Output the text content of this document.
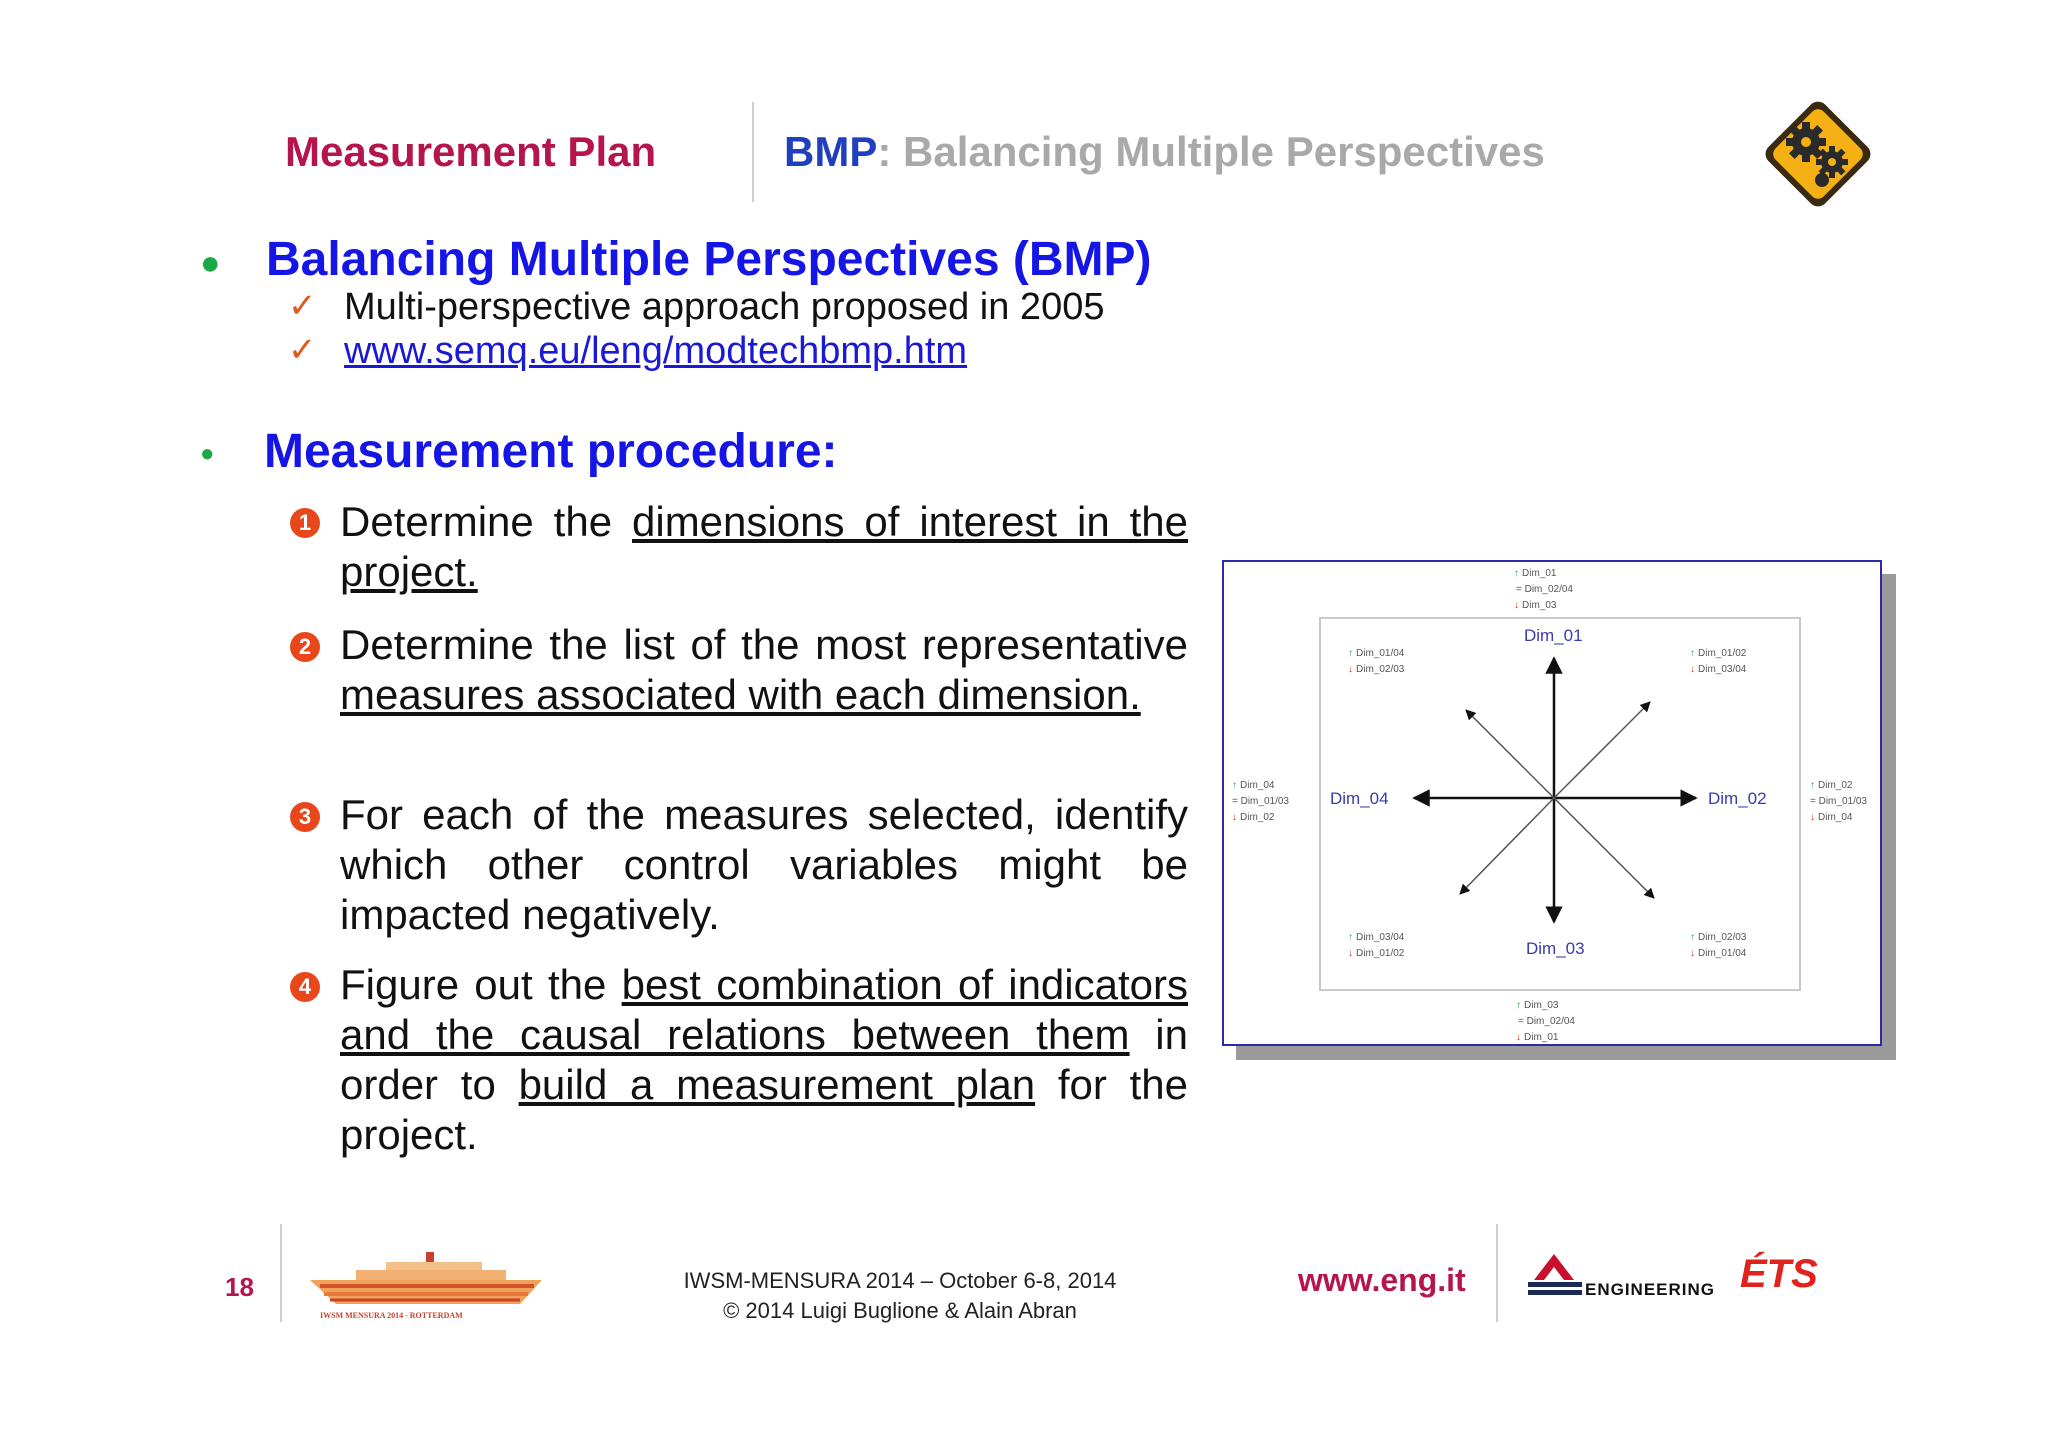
Measurement Plan	BMP: Balancing Multiple Perspectives
● Balancing Multiple Perspectives (BMP)
✓ Multi-perspective approach proposed in 2005
✓ www.semq.eu/leng/modtechbmp.htm
● Measurement procedure:
1 Determine the dimensions of interest in the project.
2 Determine the list of the most representative measures associated with each dimension.
3 For each of the measures selected, identify which other control variables might be impacted negatively.
4 Figure out the best combination of indicators and the causal relations between them in order to build a measurement plan for the project.
Dim_01
Dim_02
Dim_03
Dim_04
↑ Dim_01
= Dim_02/04
↓ Dim_03
↑ Dim_02
= Dim_01/03
↓ Dim_04
↑ Dim_03
= Dim_02/04
↓ Dim_01
↑ Dim_04
= Dim_01/03
↓ Dim_02
↑ Dim_01/04
↓ Dim_02/03
↑ Dim_01/02
↓ Dim_03/04
↑ Dim_03/04
↓ Dim_01/02
↑ Dim_02/03
↓ Dim_01/04
18
IWSM MENSURA 2014 - ROTTERDAM
IWSM-MENSURA 2014 – October 6-8, 2014
© 2014 Luigi Buglione & Alain Abran
www.eng.it	ENGINEERING ÉTS
